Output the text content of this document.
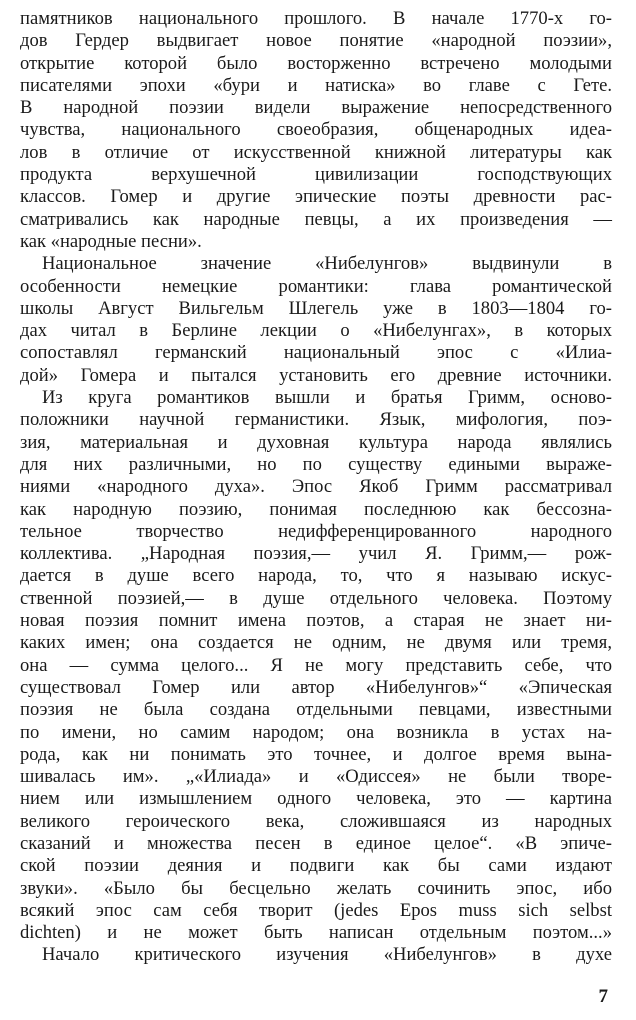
памятников национального прошлого. В начале 1770-х го-
дов Гердер выдвигает новое понятие «народной поэзии»,
открытие которой было восторженно встречено молодыми
писателями эпохи «бури и натиска» во главе с Гете.
В народной поэзии видели выражение непосредственного
чувства, национального своеобразия, общенародных идеа-
лов в отличие от искусственной книжной литературы как
продукта верхушечной цивилизации господствующих
классов. Гомер и другие эпические поэты древности рас-
сматривались как народные певцы, а их произведения —
как «народные песни».
Национальное значение «Нибелунгов» выдвинули в
особенности немецкие романтики: глава романтической
школы Август Вильгельм Шлегель уже в 1803—1804 го-
дах читал в Берлине лекции о «Нибелунгах», в которых
сопоставлял германский национальный эпос с «Илиа-
дой» Гомера и пытался установить его древние источники.
Из круга романтиков вышли и братья Гримм, осново-
положники научной германистики. Язык, мифология, поэ-
зия, материальная и духовная культура народа являлись
для них различными, но по существу едиными выраже-
ниями «народного духа». Эпос Якоб Гримм рассматривал
как народную поэзию, понимая последнюю как бессозна-
тельное творчество недифференцированного народного
коллектива. „Народная поэзия,— учил Я. Гримм,— рож-
дается в душе всего народа, то, что я называю искус-
ственной поэзией,— в душе отдельного человека. Поэтому
новая поэзия помнит имена поэтов, а старая не знает ни-
каких имен; она создается не одним, не двумя или тремя,
она — сумма целого... Я не могу представить себе, что
существовал Гомер или автор «Нибелунгов»“ «Эпическая
поэзия не была создана отдельными певцами, известными
по имени, но самим народом; она возникла в устах на-
рода, как ни понимать это точнее, и долгое время вына-
шивалась им». „«Илиада» и «Одиссея» не были творе-
нием или измышлением одного человека, это — картина
великого героического века, сложившаяся из народных
сказаний и множества песен в единое целое“. «В эпиче-
ской поэзии деяния и подвиги как бы сами издают
звуки». «Было бы бесцельно желать сочинить эпос, ибо
всякий эпос сам себя творит (jedes Epos muss sich selbst
dichten) и не может быть написан отдельным поэтом...»
Начало критического изучения «Нибелунгов» в духе
7
